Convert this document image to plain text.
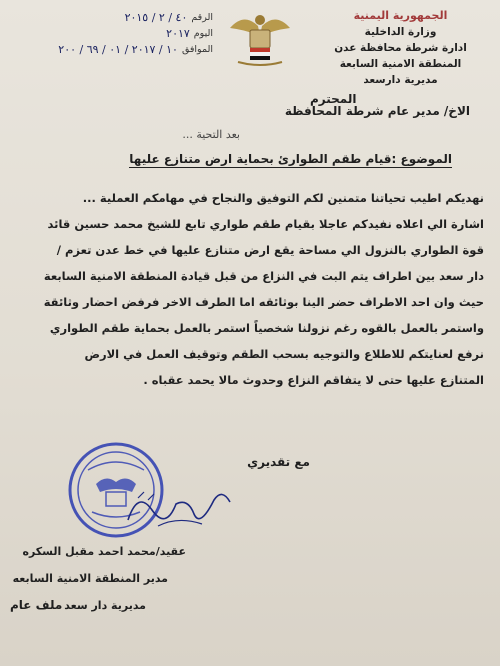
الجمهورية اليمنية
وزارة الداخلية
ادارة شرطة محافظة عدن
المنطقة الامنية السابعة
مديرية دارسعد
الرقم
٤٠ / ٢ / ٢٠١٥
اليوم
٢٠١٧
الموافق
١٠ / ٢٠١٧ / ٠١ / ٦٩ / ٢٠٠
المحترم
الاخ/ مدير عام شرطة المحافظة
بعد التحية ...
الموضوع :قيام طقم الطوارئ بحماية ارض متنازع عليها
نهديكم اطيب تحياتنا متمنين لكم التوفيق والنجاح في مهامكم العملية ...
اشارة الي اعلاه نفيدكم عاجلا بقيام طقم طواري تابع للشيخ محمد حسين قائد
قوة الطواري بالنزول الي مساحة يقع ارض متنازع عليها في خط عدن تعزم /
دار سعد بين اطراف يتم البت في النزاع من قبل قيادة المنطقة الامنية السابعة
حيث وان احد الاطراف حضر الينا بوثائقه اما الطرف الاخر فرفض احضار وثائقة
واستمر بالعمل بالقوه رغم نزولنا شخصياً استمر بالعمل بحماية طقم الطواري
نرفع لعنايتكم للاطلاع والتوجيه بسحب الطقم وتوقيف العمل في الارض
المتنازع عليها حتى لا يتفاقم النزاع وحدوث مالا يحمد عقباه .
مع تقديري
عقيد/محمد احمد مقبل السكره
مدير المنطقة الامنية السابعه
مديرية دار سعد
ملف عام
